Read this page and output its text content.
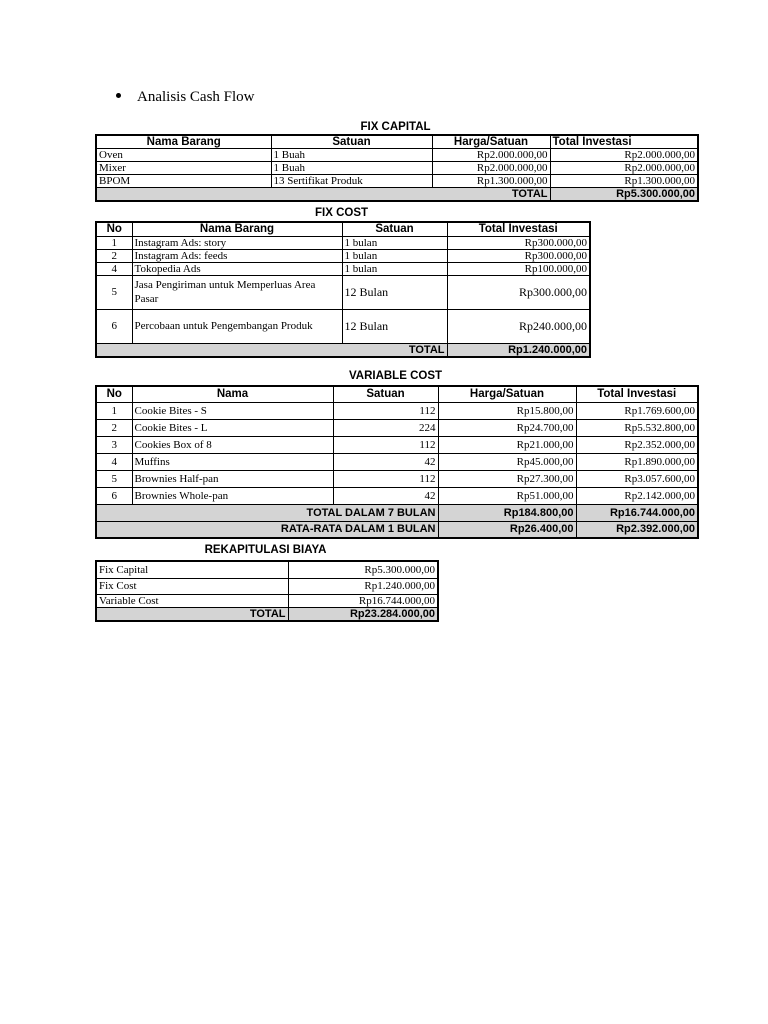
Analisis Cash Flow
FIX CAPITAL
Nama Barang	Satuan	Harga/Satuan	Total Investasi
Oven	1 Buah	Rp2.000.000,00	Rp2.000.000,00
Mixer	1 Buah	Rp2.000.000,00	Rp2.000.000,00
BPOM	13 Sertifikat Produk	Rp1.300.000,00	Rp1.300.000,00
TOTAL			Rp5.300.000,00
FIX COST
No	Nama Barang	Satuan	Total Investasi
1	Instagram Ads: story	1 bulan	Rp300.000,00
2	Instagram Ads: feeds	1 bulan	Rp300.000,00
4	Tokopedia Ads	1 bulan	Rp100.000,00
5	Jasa Pengiriman untuk Memperluas Area Pasar	12 Bulan	Rp300.000,00
6	Percobaan untuk Pengembangan Produk	12 Bulan	Rp240.000,00
TOTAL			Rp1.240.000,00
VARIABLE COST
No	Nama	Satuan	Harga/Satuan	Total Investasi
1	Cookie Bites - S	112	Rp15.800,00	Rp1.769.600,00
2	Cookie Bites - L	224	Rp24.700,00	Rp5.532.800,00
3	Cookies Box of 8	112	Rp21.000,00	Rp2.352.000,00
4	Muffins	42	Rp45.000,00	Rp1.890.000,00
5	Brownies Half-pan	112	Rp27.300,00	Rp3.057.600,00
6	Brownies Whole-pan	42	Rp51.000,00	Rp2.142.000,00
TOTAL DALAM 7 BULAN			Rp184.800,00	Rp16.744.000,00
RATA-RATA DALAM 1 BULAN			Rp26.400,00	Rp2.392.000,00
REKAPITULASI BIAYA
Fix Capital	Rp5.300.000,00
Fix Cost	Rp1.240.000,00
Variable Cost	Rp16.744.000,00
TOTAL	Rp23.284.000,00
